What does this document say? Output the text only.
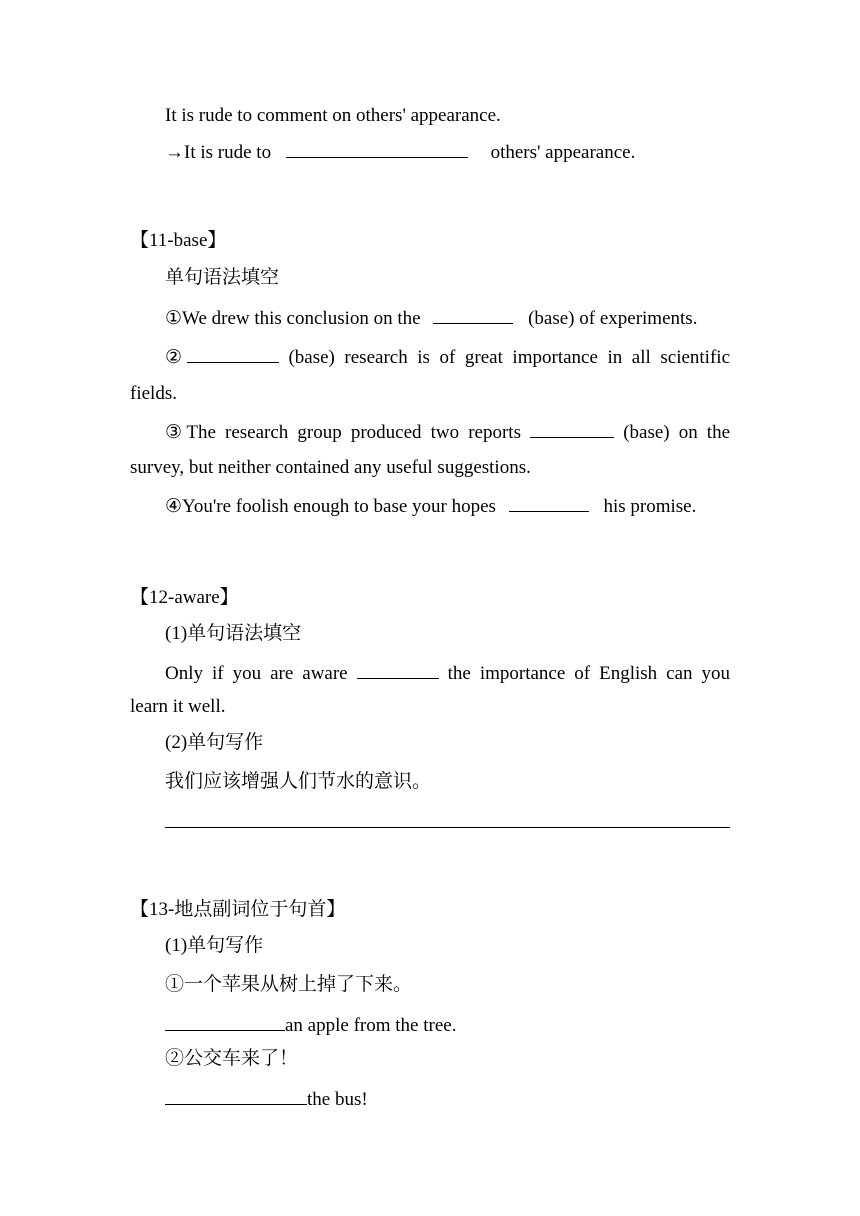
It is rude to comment on others' appearance.
→It is rude to	others' appearance.
【11-base】
单句语法填空
①We drew this conclusion on the	(base) of experiments.
②	(base) research is of great importance in all scientific
fields.
③The research group produced two reports	(base) on the
survey, but neither contained any useful suggestions.
④You're foolish enough to base your hopes	his promise.
【12-aware】
(1)单句语法填空
Only if you are aware	the importance of English can you
learn it well.
(2)单句写作
我们应该增强人们节水的意识。
【13-地点副词位于句首】
(1)单句写作
①一个苹果从树上掉了下来。
an apple from the tree.
②公交车来了！
the bus!
